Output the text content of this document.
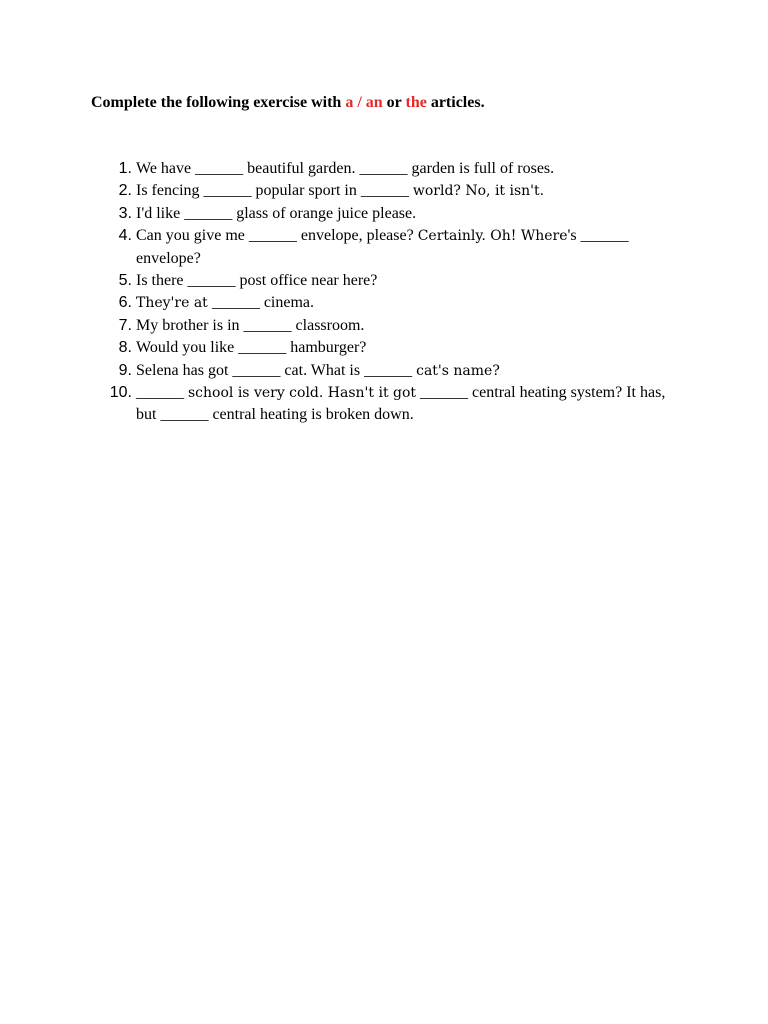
Complete the following exercise with a / an or the articles.
1. We have ______ beautiful garden. ______ garden is full of roses.
2. Is fencing ______ popular sport in ______ world? No, it isn't.
3. I'd like ______ glass of orange juice please.
4. Can you give me ______ envelope, please? Certainly. Oh! Where's ______ envelope?
5. Is there ______ post office near here?
6. They're at ______ cinema.
7. My brother is in ______ classroom.
8. Would you like ______ hamburger?
9. Selena has got ______ cat. What is ______ cat's name?
10. ______ school is very cold. Hasn't it got ______ central heating system? It has, but ______ central heating is broken down.
